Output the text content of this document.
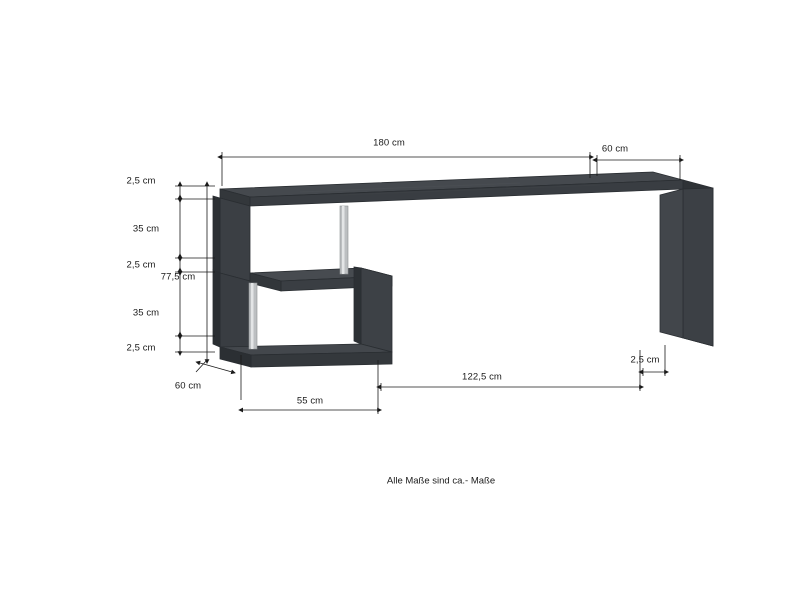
180 cm
60 cm
2,5 cm
35 cm
2,5 cm
77,5 cm
35 cm
2,5 cm
60 cm
55 cm
122,5 cm
2,5 cm
Alle Maße sind ca.- Maße
